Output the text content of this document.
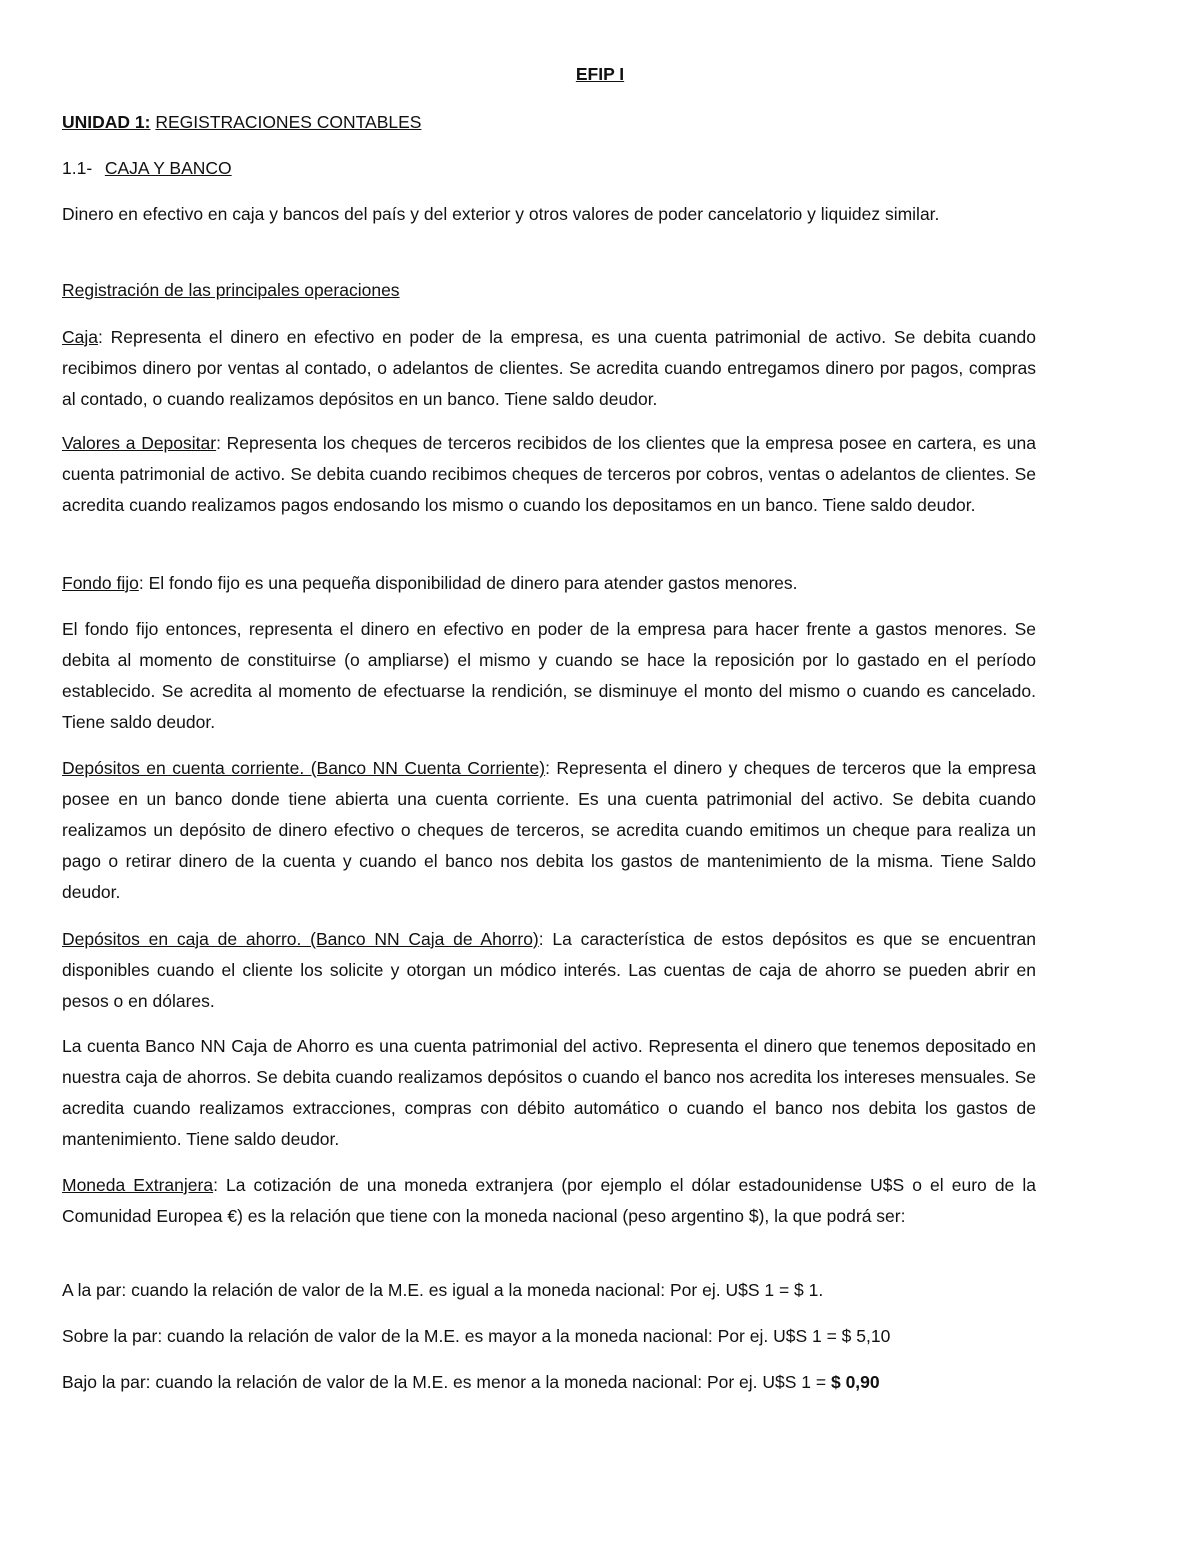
EFIP I
UNIDAD 1: REGISTRACIONES CONTABLES
1.1- CAJA Y BANCO
Dinero en efectivo en caja y bancos del país y del exterior y otros valores de poder cancelatorio y liquidez similar.
Registración de las principales operaciones
Caja: Representa el dinero en efectivo en poder de la empresa, es una cuenta patrimonial de activo. Se debita cuando recibimos dinero por ventas al contado, o adelantos de clientes. Se acredita cuando entregamos dinero por pagos, compras al contado, o cuando realizamos depósitos en un banco. Tiene saldo deudor.
Valores a Depositar: Representa los cheques de terceros recibidos de los clientes que la empresa posee en cartera, es una cuenta patrimonial de activo. Se debita cuando recibimos cheques de terceros por cobros, ventas o adelantos de clientes. Se acredita cuando realizamos pagos endosando los mismo o cuando los depositamos en un banco. Tiene saldo deudor.
Fondo fijo: El fondo fijo es una pequeña disponibilidad de dinero para atender gastos menores.
El fondo fijo entonces, representa el dinero en efectivo en poder de la empresa para hacer frente a gastos menores. Se debita al momento de constituirse (o ampliarse) el mismo y cuando se hace la reposición por lo gastado en el período establecido. Se acredita al momento de efectuarse la rendición, se disminuye el monto del mismo o cuando es cancelado. Tiene saldo deudor.
Depósitos en cuenta corriente. (Banco NN Cuenta Corriente): Representa el dinero y cheques de terceros que la empresa posee en un banco donde tiene abierta una cuenta corriente. Es una cuenta patrimonial del activo. Se debita cuando realizamos un depósito de dinero efectivo o cheques de terceros, se acredita cuando emitimos un cheque para realiza un pago o retirar dinero de la cuenta y cuando el banco nos debita los gastos de mantenimiento de la misma. Tiene Saldo deudor.
Depósitos en caja de ahorro. (Banco NN Caja de Ahorro): La característica de estos depósitos es que se encuentran disponibles cuando el cliente los solicite y otorgan un módico interés. Las cuentas de caja de ahorro se pueden abrir en pesos o en dólares.
La cuenta Banco NN Caja de Ahorro es una cuenta patrimonial del activo. Representa el dinero que tenemos depositado en nuestra caja de ahorros. Se debita cuando realizamos depósitos o cuando el banco nos acredita los intereses mensuales. Se acredita cuando realizamos extracciones, compras con débito automático o cuando el banco nos debita los gastos de mantenimiento. Tiene saldo deudor.
Moneda Extranjera: La cotización de una moneda extranjera (por ejemplo el dólar estadounidense U$S o el euro de la Comunidad Europea €) es la relación que tiene con la moneda nacional (peso argentino $), la que podrá ser:
A la par: cuando la relación de valor de la M.E. es igual a la moneda nacional: Por ej. U$S 1 = $ 1.
Sobre la par: cuando la relación de valor de la M.E. es mayor a la moneda nacional: Por ej. U$S 1 = $ 5,10
Bajo la par: cuando la relación de valor de la M.E. es menor a la moneda nacional: Por ej. U$S 1 = $ 0,90
